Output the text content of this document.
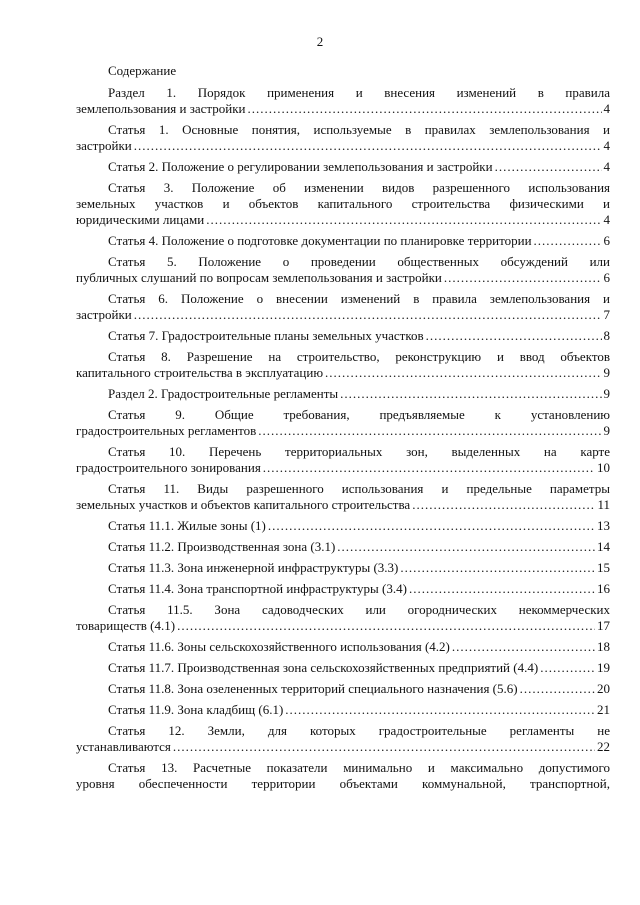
2
Содержание
Раздел 1. Порядок применения и внесения изменений в правила
землепользования и застройки .....	4
Статья 1. Основные понятия, используемые в правилах землепользования и
застройки .....	4
Статья 2. Положение о регулировании землепользования и застройки .....	4
Статья 3. Положение об изменении видов разрешенного использования
земельных участков и объектов капитального строительства физическими и
юридическими лицами .....	4
Статья 4. Положение о подготовке документации по планировке территории .....	6
Статья 5. Положение о проведении общественных обсуждений или
публичных слушаний по вопросам землепользования и застройки .....	6
Статья 6. Положение о внесении изменений в правила землепользования и
застройки .....	7
Статья 7. Градостроительные планы земельных участков .....	8
Статья 8. Разрешение на строительство, реконструкцию и ввод объектов
капитального строительства в эксплуатацию .....	9
Раздел 2. Градостроительные регламенты .....	9
Статья 9. Общие требования, предъявляемые к установлению
градостроительных регламентов .....	9
Статья 10. Перечень территориальных зон, выделенных на карте
градостроительного зонирования .....	10
Статья 11. Виды разрешенного использования и предельные параметры
земельных участков и объектов капитального строительства .....	11
Статья 11.1. Жилые зоны (1) .....	13
Статья 11.2. Производственная зона (3.1) .....	14
Статья 11.3. Зона инженерной инфраструктуры (3.3) .....	15
Статья 11.4. Зона транспортной инфраструктуры (3.4) .....	16
Статья 11.5. Зона садоводческих или огороднических некоммерческих
товариществ (4.1) .....	17
Статья 11.6. Зоны сельскохозяйственного использования (4.2) .....	18
Статья 11.7. Производственная зона сельскохозяйственных предприятий (4.4) .....	19
Статья 11.8. Зона озелененных территорий специального назначения (5.6) .....	20
Статья 11.9. Зона кладбищ (6.1) .....	21
Статья 12. Земли, для которых градостроительные регламенты не
устанавливаются .....	22
Статья 13. Расчетные показатели минимально и максимально допустимого
уровня обеспеченности территории объектами коммунальной, транспортной,
